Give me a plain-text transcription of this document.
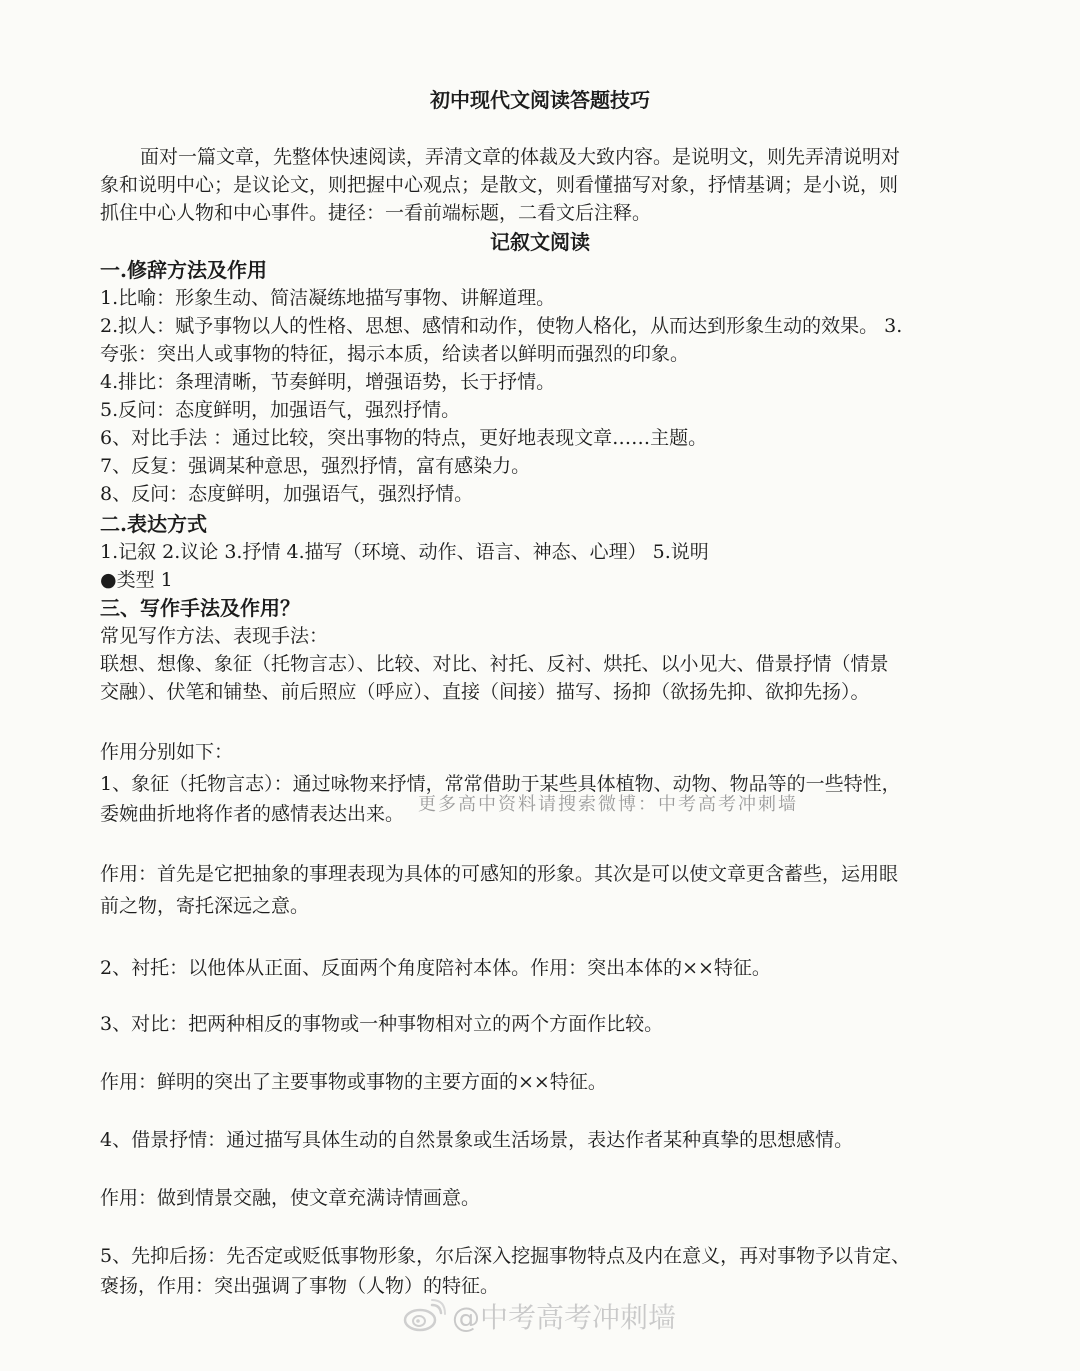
初中现代文阅读答题技巧
面对一篇文章，先整体快速阅读，弄清文章的体裁及大致内容。是说明文，则先弄清说明对
象和说明中心；是议论文，则把握中心观点；是散文，则看懂描写对象，抒情基调；是小说，则
抓住中心人物和中心事件。捷径：一看前端标题，二看文后注释。
记叙文阅读
一.修辞方法及作用
1.比喻：形象生动、简洁凝练地描写事物、讲解道理。
2.拟人：赋予事物以人的性格、思想、感情和动作，使物人格化，从而达到形象生动的效果。 3.
夸张：突出人或事物的特征，揭示本质，给读者以鲜明而强烈的印象。
4.排比：条理清晰，节奏鲜明，增强语势，长于抒情。
5.反问：态度鲜明，加强语气，强烈抒情。
6、对比手法 ：通过比较，突出事物的特点，更好地表现文章……主题。
7、反复：强调某种意思，强烈抒情，富有感染力。
8、反问：态度鲜明，加强语气，强烈抒情。
二.表达方式
1.记叙 2.议论 3.抒情 4.描写（环境、动作、语言、神态、心理） 5.说明
●类型 1
三、写作手法及作用？
常见写作方法、表现手法：
联想、想像、象征（托物言志）、比较、对比、衬托、反衬、烘托、以小见大、借景抒情（情景
交融）、伏笔和铺垫、前后照应（呼应）、直接（间接）描写、扬抑（欲扬先抑、欲抑先扬）。
作用分别如下：
1、象征（托物言志）：通过咏物来抒情，常常借助于某些具体植物、动物、物品等的一些特性，
委婉曲折地将作者的感情表达出来。
作用：首先是它把抽象的事理表现为具体的可感知的形象。其次是可以使文章更含蓄些，运用眼
前之物，寄托深远之意。
2、衬托：以他体从正面、反面两个角度陪衬本体。作用：突出本体的××特征。
3、对比：把两种相反的事物或一种事物相对立的两个方面作比较。
作用：鲜明的突出了主要事物或事物的主要方面的××特征。
4、借景抒情：通过描写具体生动的自然景象或生活场景，表达作者某种真挚的思想感情。
作用：做到情景交融，使文章充满诗情画意。
5、先抑后扬：先否定或贬低事物形象，尔后深入挖掘事物特点及内在意义，再对事物予以肯定、
褒扬，作用：突出强调了事物（人物）的特征。
更多高中资料请搜索微博：中考高考冲刺墙
@中考高考冲刺墙
